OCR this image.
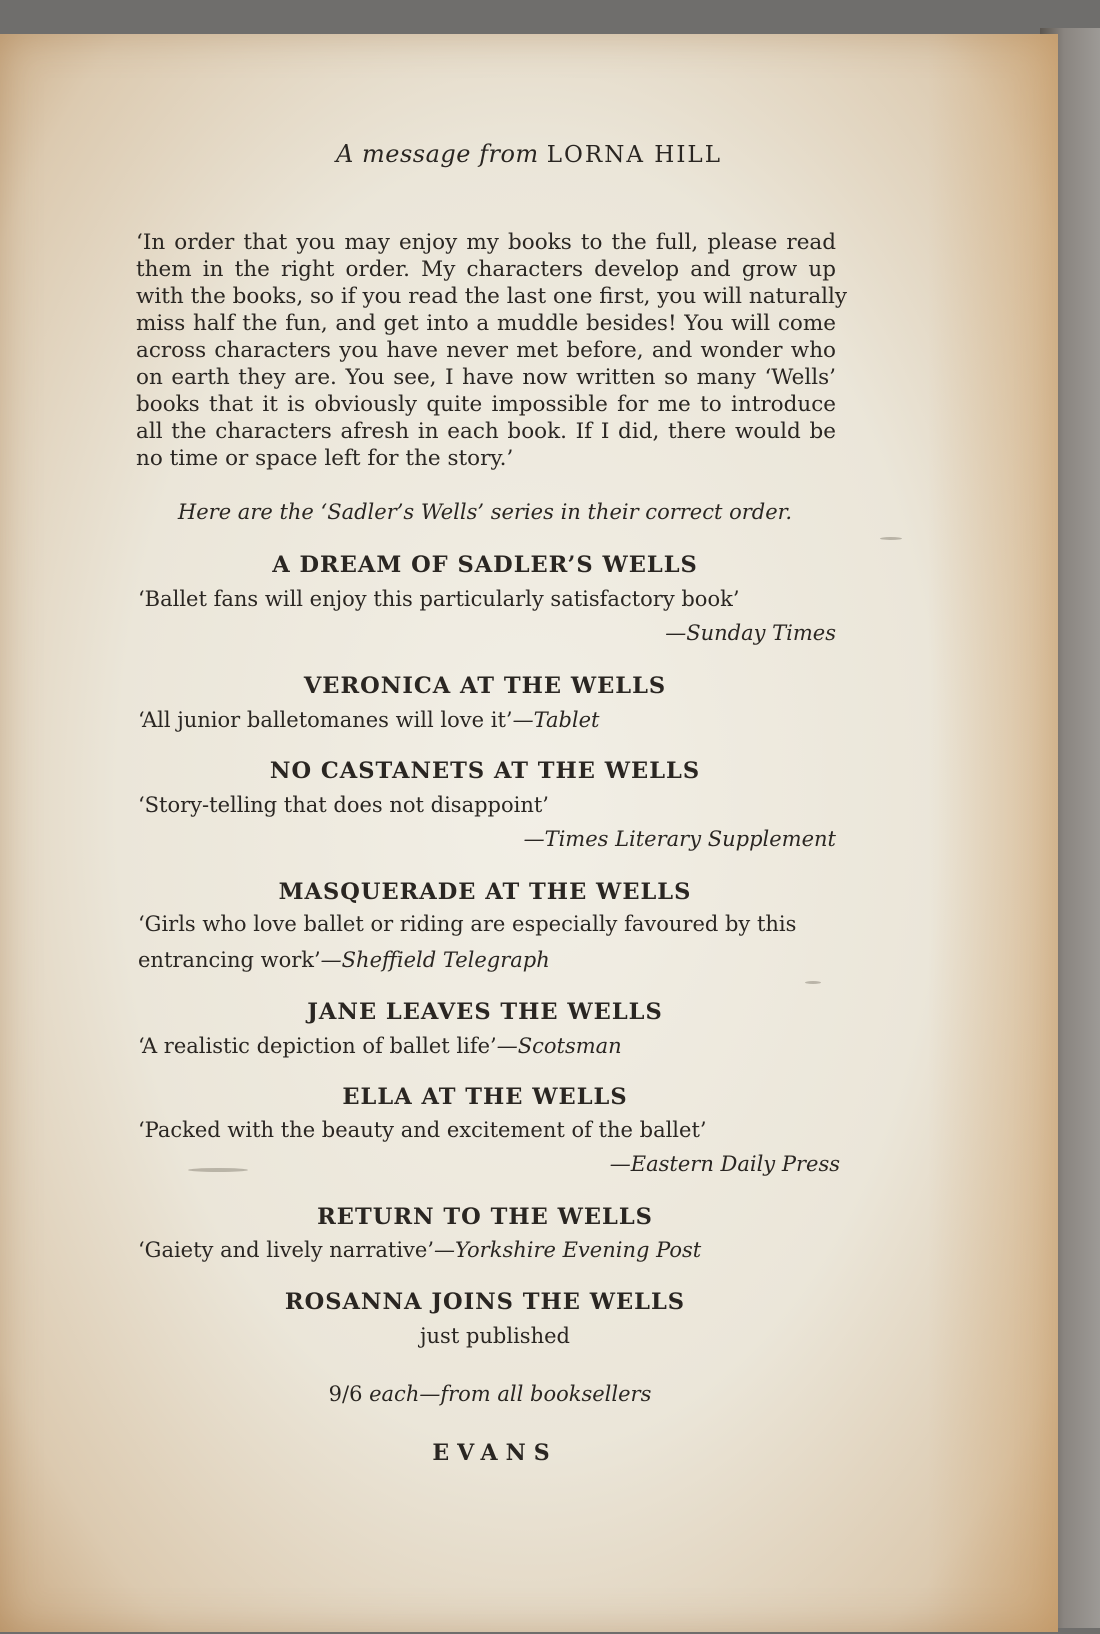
A message from LORNA HILL
‘In order that you may enjoy my books to the full, please read
them in the right order. My characters develop and grow up
with the books, so if you read the last one first, you will naturally
miss half the fun, and get into a muddle besides! You will come
across characters you have never met before, and wonder who
on earth they are. You see, I have now written so many ‘Wells’
books that it is obviously quite impossible for me to introduce
all the characters afresh in each book. If I did, there would be
no time or space left for the story.’
Here are the ‘Sadler’s Wells’ series in their correct order.
A DREAM OF SADLER’S WELLS
‘Ballet fans will enjoy this particularly satisfactory book’
—Sunday Times
VERONICA AT THE WELLS
‘All junior balletomanes will love it’—Tablet
NO CASTANETS AT THE WELLS
‘Story-telling that does not disappoint’
—Times Literary Supplement
MASQUERADE AT THE WELLS
‘Girls who love ballet or riding are especially favoured by this
entrancing work’—Sheffield Telegraph
JANE LEAVES THE WELLS
‘A realistic depiction of ballet life’—Scotsman
ELLA AT THE WELLS
‘Packed with the beauty and excitement of the ballet’
—Eastern Daily Press
RETURN TO THE WELLS
‘Gaiety and lively narrative’—Yorkshire Evening Post
ROSANNA JOINS THE WELLS
just published
9/6 each—from all booksellers
EVANS
